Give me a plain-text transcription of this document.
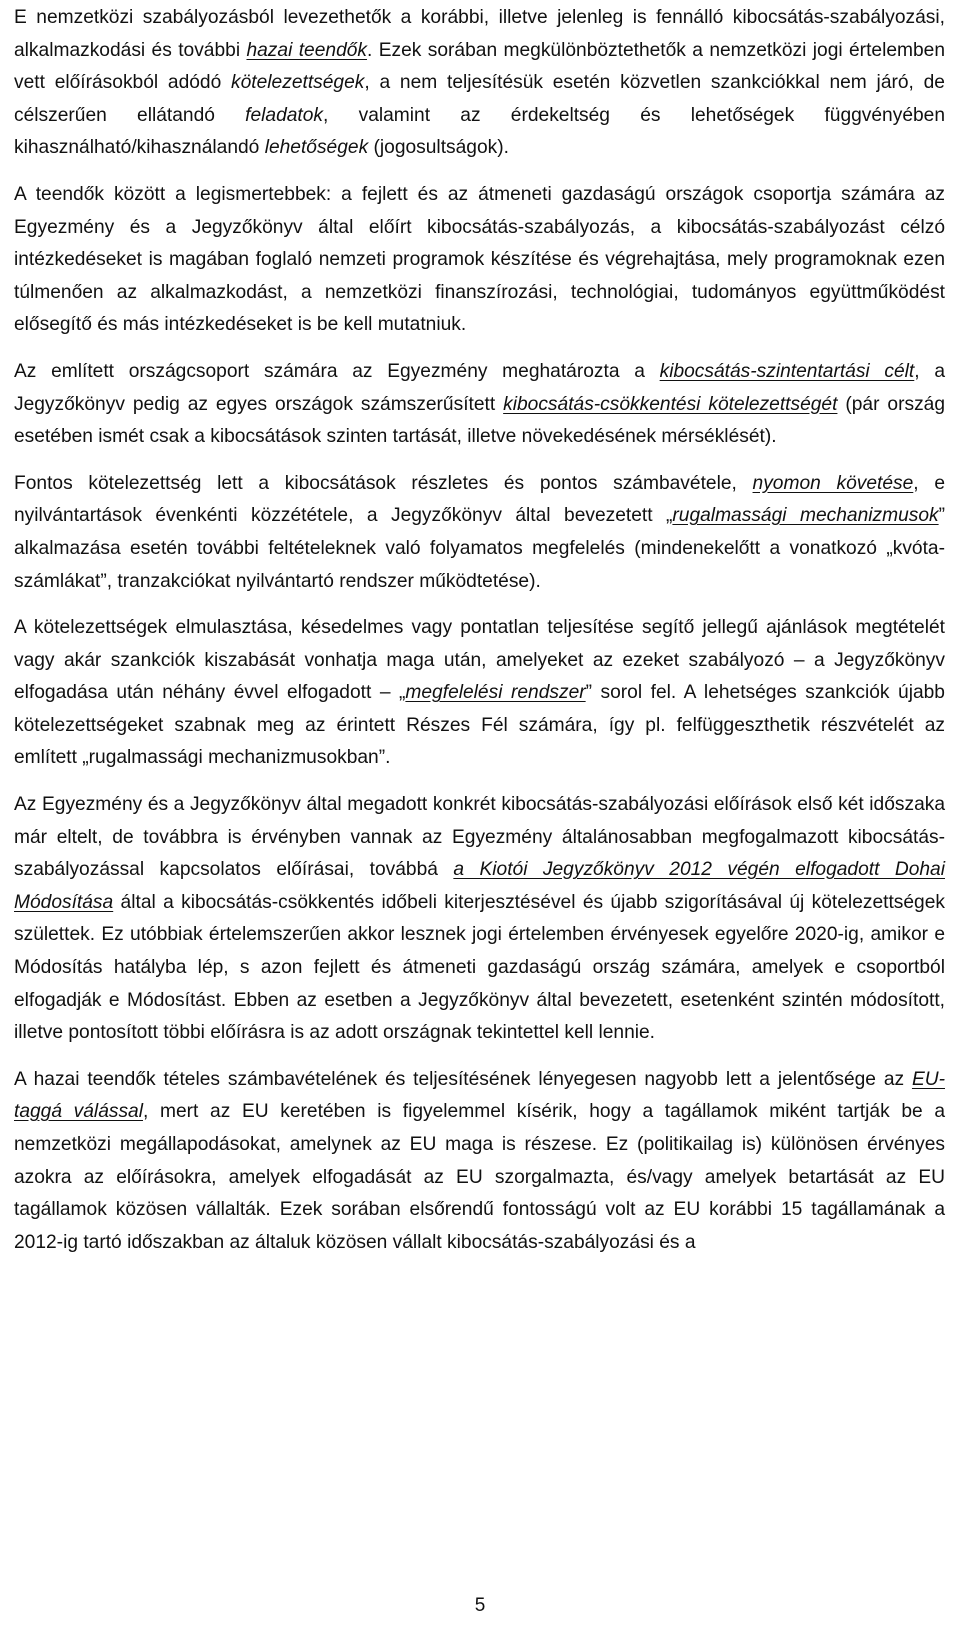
E nemzetközi szabályozásból levezethetők a korábbi, illetve jelenleg is fennálló kibocsátás-szabályozási, alkalmazkodási és további hazai teendők. Ezek sorában megkülönböztethetők a nemzetközi jogi értelemben vett előírásokból adódó kötelezettségek, a nem teljesítésük esetén közvetlen szankciókkal nem járó, de célszerűen ellátandó feladatok, valamint az érdekeltség és lehetőségek függvényében kihasználható/kihasználandó lehetőségek (jogosultságok).

A teendők között a legismertebbek: a fejlett és az átmeneti gazdaságú országok csoportja számára az Egyezmény és a Jegyzőkönyv által előírt kibocsátás-szabályozás, a kibocsátás-szabályozást célzó intézkedéseket is magában foglaló nemzeti programok készítése és végrehajtása, mely programoknak ezen túlmenően az alkalmazkodást, a nemzetközi finanszírozási, technológiai, tudományos együttműködést elősegítő és más intézkedéseket is be kell mutatniuk.

Az említett országcsoport számára az Egyezmény meghatározta a kibocsátás-szintentartási célt, a Jegyzőkönyv pedig az egyes országok számszerűsített kibocsátás-csökkentési kötelezettségét (pár ország esetében ismét csak a kibocsátások szinten tartását, illetve növekedésének mérséklését).

Fontos kötelezettség lett a kibocsátások részletes és pontos számbavétele, nyomon követése, e nyilvántartások évenkénti közzététele, a Jegyzőkönyv által bevezetett „rugalmassági mechanizmusok” alkalmazása esetén további feltételeknek való folyamatos megfelelés (mindenekelőtt a vonatkozó „kvóta-számlákat”, tranzakciókat nyilvántartó rendszer működtetése).

A kötelezettségek elmulasztása, késedelmes vagy pontatlan teljesítése segítő jellegű ajánlások megtételét vagy akár szankciók kiszabását vonhatja maga után, amelyeket az ezeket szabályozó – a Jegyzőkönyv elfogadása után néhány évvel elfogadott – „megfelelési rendszer” sorol fel. A lehetséges szankciók újabb kötelezettségeket szabnak meg az érintett Részes Fél számára, így pl. felfüggeszthetik részvételét az említett „rugalmassági mechanizmusokban”.

Az Egyezmény és a Jegyzőkönyv által megadott konkrét kibocsátás-szabályozási előírások első két időszaka már eltelt, de továbbra is érvényben vannak az Egyezmény általánosabban megfogalmazott kibocsátás-szabályozással kapcsolatos előírásai, továbbá a Kiotói Jegyzőkönyv 2012 végén elfogadott Dohai Módosítása által a kibocsátás-csökkentés időbeli kiterjesztésével és újabb szigorításával új kötelezettségek születtek. Ez utóbbiak értelemszerűen akkor lesznek jogi értelemben érvényesek egyelőre 2020-ig, amikor e Módosítás hatályba lép, s azon fejlett és átmeneti gazdaságú ország számára, amelyek e csoportból elfogadják e Módosítást. Ebben az esetben a Jegyzőkönyv által bevezetett, esetenként szintén módosított, illetve pontosított többi előírásra is az adott országnak tekintettel kell lennie.

A hazai teendők tételes számbavételének és teljesítésének lényegesen nagyobb lett a jelentősége az EU-taggá válással, mert az EU keretében is figyelemmel kísérik, hogy a tagállamok miként tartják be a nemzetközi megállapodásokat, amelynek az EU maga is részese. Ez (politikailag is) különösen érvényes azokra az előírásokra, amelyek elfogadását az EU szorgalmazta, és/vagy amelyek betartását az EU tagállamok közösen vállalták. Ezek sorában elsőrendű fontosságú volt az EU korábbi 15 tagállamának a 2012-ig tartó időszakban az általuk közösen vállalt kibocsátás-szabályozási és a

5
